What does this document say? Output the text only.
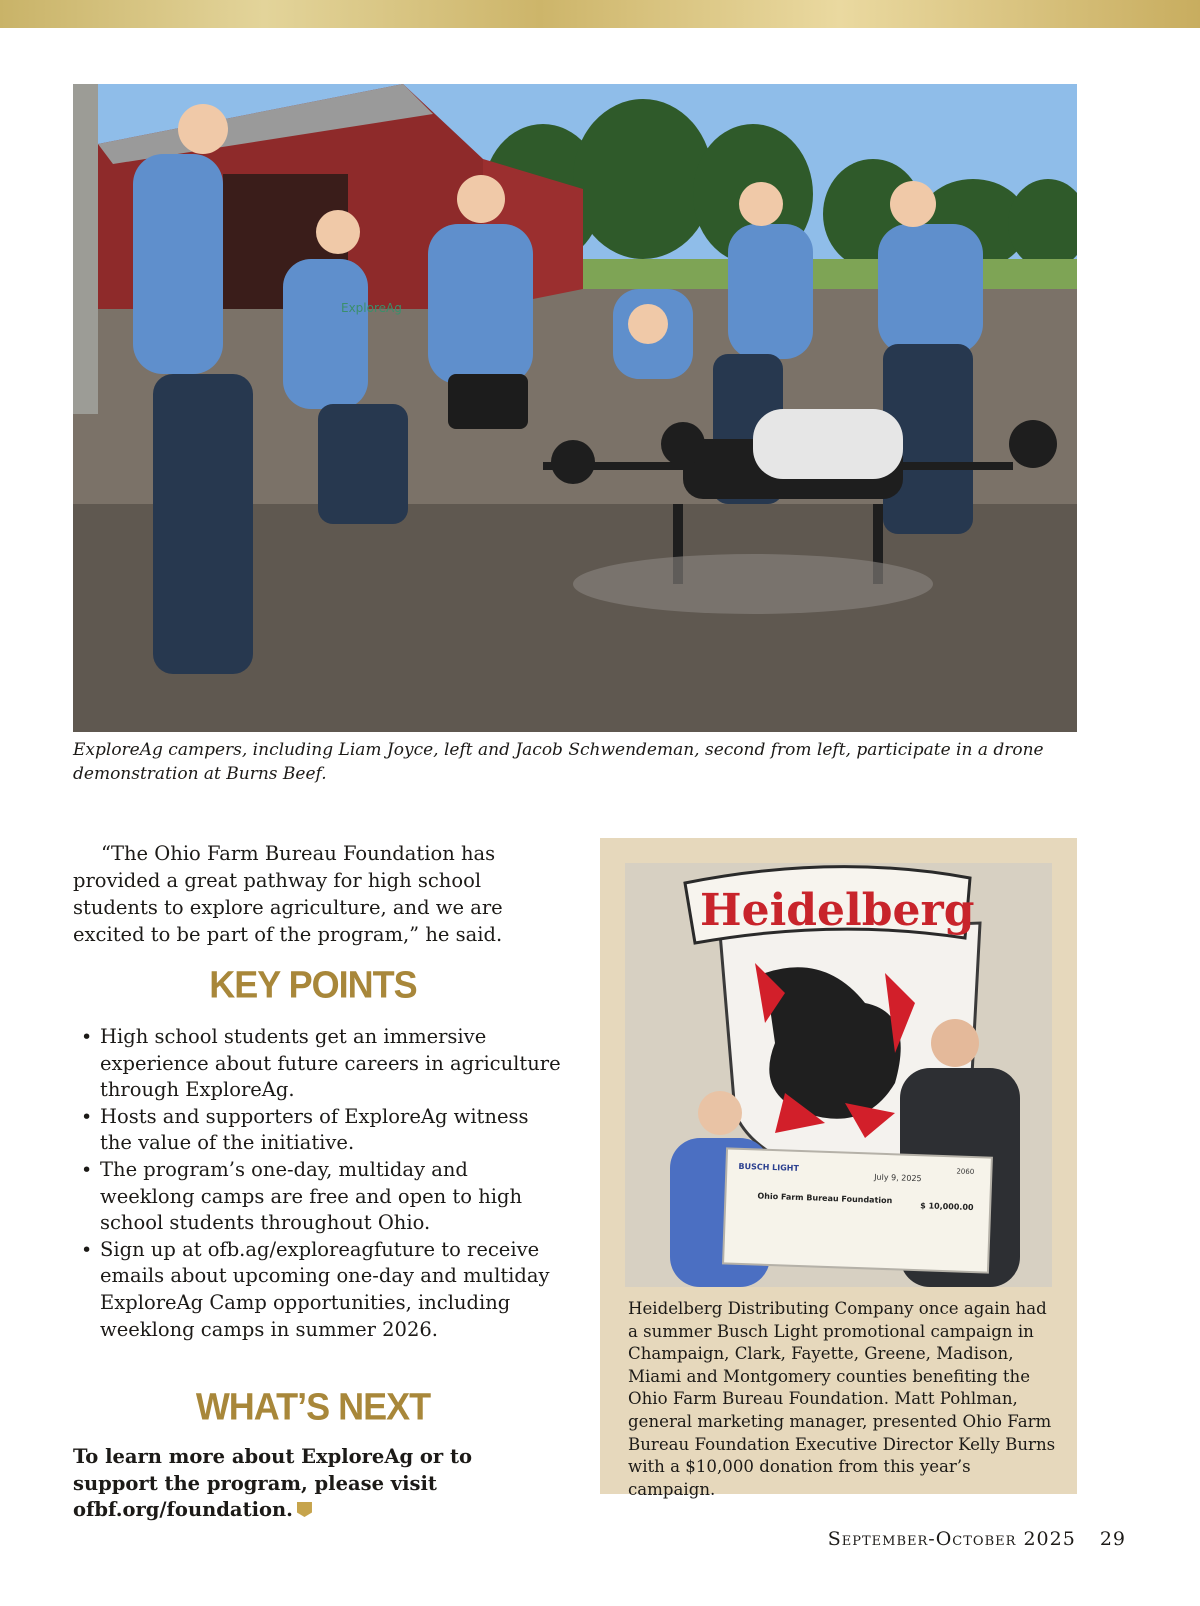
ExploreAg
ExploreAg campers, including Liam Joyce, left and Jacob Schwendeman, second from left, participate in a drone demonstration at Burns Beef.

“The Ohio Farm Bureau Foundation has provided a great pathway for high school students to explore agriculture, and we are excited to be part of the program,” he said.

KEY POINTS
• High school students get an immersive experience about future careers in agriculture through ExploreAg.
• Hosts and supporters of ExploreAg witness the value of the initiative.
• The program’s one-day, multiday and weeklong camps are free and open to high school students throughout Ohio.
• Sign up at ofb.ag/exploreagfuture to receive emails about upcoming one-day and multiday ExploreAg Camp opportunities, including weeklong camps in summer 2026.
WHAT’S NEXT

To learn more about ExploreAg or to support the program, please visit ofbf.org/foundation.

Heidelberg
BUSCH LIGHT
July 9, 2025
2060
Ohio Farm Bureau Foundation
$ 10,000.00
Heidelberg Distributing Company once again had a summer Busch Light promotional campaign in Champaign, Clark, Fayette, Greene, Madison, Miami and Montgomery counties benefiting the Ohio Farm Bureau Foundation. Matt Pohlman, general marketing manager, presented Ohio Farm Bureau Foundation Executive Director Kelly Burns with a $10,000 donation from this year’s campaign.
September-October 2025 29
